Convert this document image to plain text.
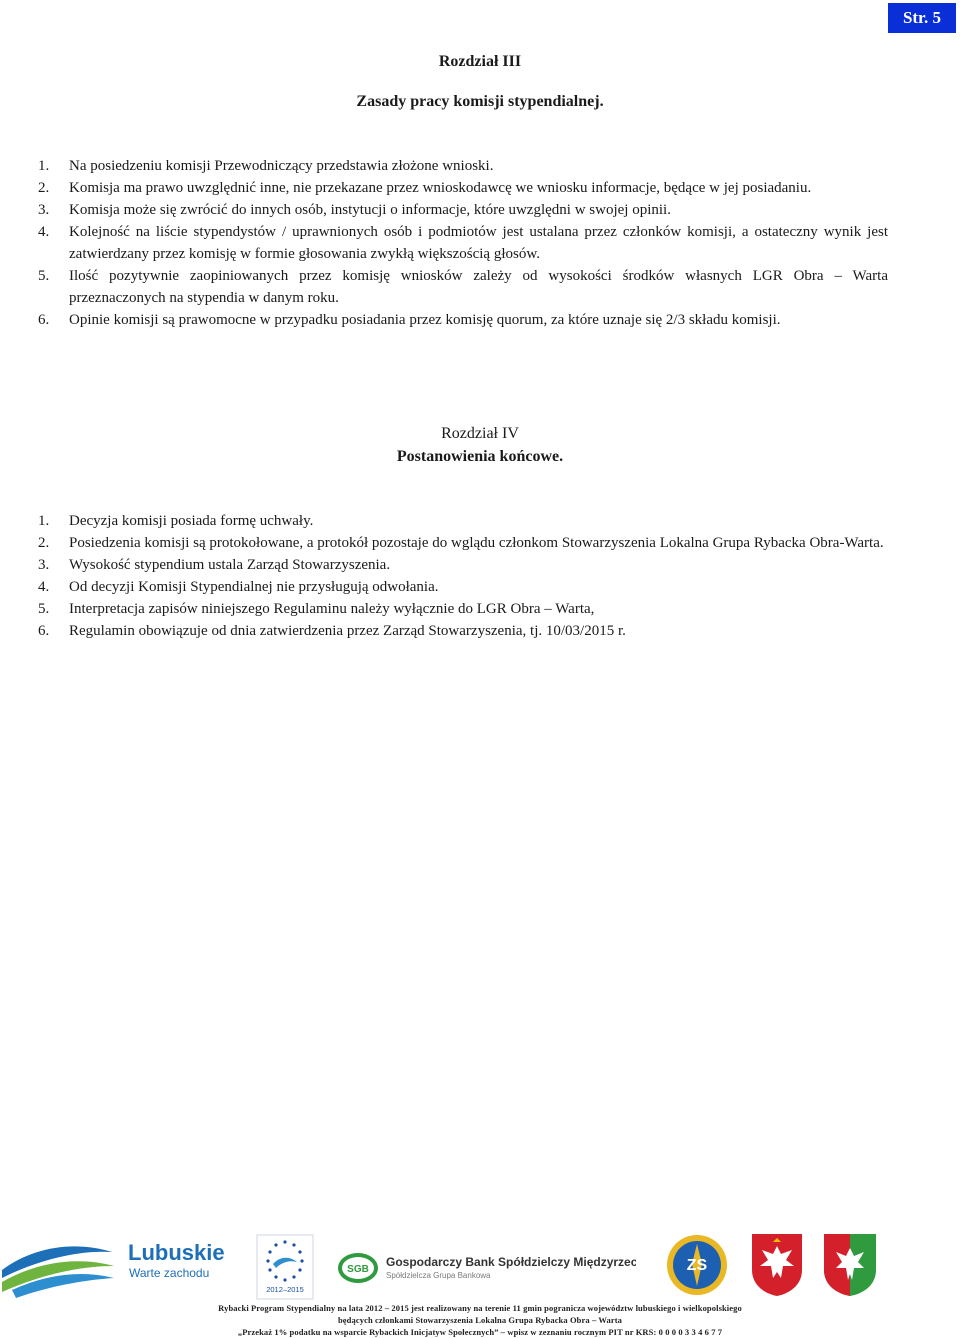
Str. 5
Rozdział III
Zasady pracy komisji stypendialnej.
1.	Na posiedzeniu komisji Przewodniczący przedstawia złożone wnioski.
2.	Komisja ma prawo uwzględnić inne, nie przekazane przez wnioskodawcę we wniosku informacje, będące w jej posiadaniu.
3.	Komisja może się zwrócić do innych osób, instytucji o informacje, które uwzględni w swojej opinii.
4.	Kolejność na liście stypendystów / uprawnionych osób i podmiotów jest ustalana przez członków komisji, a ostateczny wynik jest zatwierdzany przez komisję w formie głosowania zwykłą większością głosów.
5.	Ilość pozytywnie zaopiniowanych przez komisję wniosków zależy od wysokości środków własnych LGR Obra – Warta przeznaczonych na stypendia w danym roku.
6.	Opinie komisji są prawomocne w przypadku posiadania przez komisję quorum, za które uznaje się 2/3 składu komisji.
Rozdział IV
Postanowienia końcowe.
1.	Decyzja komisji posiada formę uchwały.
2.	Posiedzenia komisji są protokołowane, a protokół pozostaje do wglądu członkom Stowarzyszenia Lokalna Grupa Rybacka Obra-Warta.
3.	Wysokość stypendium ustala Zarząd Stowarzyszenia.
4.	Od decyzji Komisji Stypendialnej nie przysługują odwołania.
5.	Interpretacja zapisów niniejszego Regulaminu należy wyłącznie do LGR Obra – Warta,
6.	Regulamin obowiązuje od dnia zatwierdzenia przez Zarząd Stowarzyszenia, tj. 10/03/2015 r.
Lubuskie
Warte zachodu
2012–2015
SGB
Gospodarczy Bank Spółdzielczy Międzyrzecz
Spółdzielcza Grupa Bankowa
ZS
Rybacki Program Stypendialny na lata 2012 – 2015 jest realizowany na terenie 11 gmin pogranicza województw lubuskiego i wielkopolskiego
będących członkami Stowarzyszenia Lokalna Grupa Rybacka Obra – Warta
„Przekaż 1% podatku na wsparcie Rybackich Inicjatyw Społecznych” – wpisz w zeznaniu rocznym PIT nr KRS: 0 0 0 0 3 3 4 6 7 7
